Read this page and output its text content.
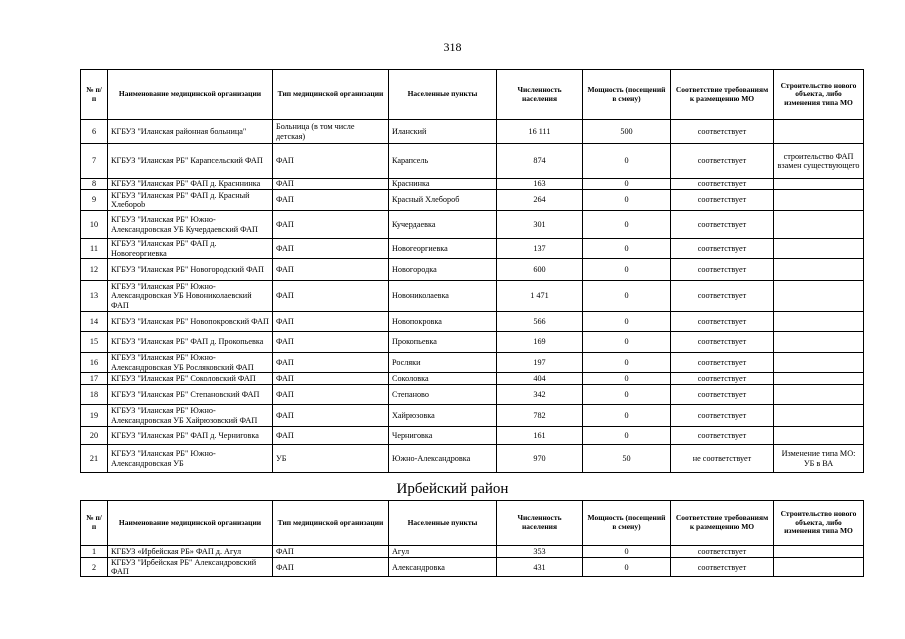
318
№ п/п	Наименование медицинской организации	Тип медицинской организации	Населенные пункты	Численность населения	Мощность (посещений в смену)	Соответствие требованиям к размещению МО	Строительство нового объекта, либо изменения типа МО
6	КГБУЗ "Иланская районная больница"	Больница (в том числе детская)	Иланский	16 111	500	соответствует	
7	КГБУЗ "Иланская РБ" Карапсельский ФАП	ФАП	Карапсель	874	0	соответствует	строительство ФАП взамен существующего
8	КГБУЗ "Иланская РБ" ФАП д. Красннинка	ФАП	Краснинка	163	0	соответствует	
9	КГБУЗ "Иланская РБ" ФАП д. Красный Хлеборob	ФАП	Красный Хлебороб	264	0	соответствует	
10	КГБУЗ "Иланская РБ" Южно-Александровская УБ Кучердаевский ФАП	ФАП	Кучердаевка	301	0	соответствует	
11	КГБУЗ "Иланская РБ" ФАП д. Новогеоргиевка	ФАП	Новогеоргиевка	137	0	соответствует	
12	КГБУЗ "Иланская РБ" Новогородский ФАП	ФАП	Новогородка	600	0	соответствует	
13	КГБУЗ "Иланская РБ" Южно-Александровская УБ Новониколаевский ФАП	ФАП	Новониколаевка	1 471	0	соответствует	
14	КГБУЗ "Иланская РБ" Новопокровский ФАП	ФАП	Новопокровка	566	0	соответствует	
15	КГБУЗ "Иланская РБ" ФАП д. Прокопьевка	ФАП	Прокопьевка	169	0	соответствует	
16	КГБУЗ "Иланская РБ" Южно-Александровская УБ Росляковский ФАП	ФАП	Росляки	197	0	соответствует	
17	КГБУЗ "Иланская РБ" Соколовский ФАП	ФАП	Соколовка	404	0	соответствует	
18	КГБУЗ "Иланская РБ" Степановский ФАП	ФАП	Степаново	342	0	соответствует	
19	КГБУЗ "Иланская РБ" Южно-Александровская УБ Хайрюзовский ФАП	ФАП	Хайрюзовка	782	0	соответствует	
20	КГБУЗ "Иланская РБ" ФАП д. Черниговка	ФАП	Черниговка	161	0	соответствует	
21	КГБУЗ "Иланская РБ" Южно-Александровская УБ	УБ	Южно-Александровка	970	50	не соответствует	Изменение типа МО: УБ в ВА
Ирбейский район
№ п/п	Наименование медицинской организации	Тип медицинской организации	Населенные пункты	Численность населения	Мощность (посещений в смену)	Соответствие требованиям к размещению МО	Строительство нового объекта, либо изменения типа МО
1	КГБУЗ «Ирбейская РБ» ФАП д. Агул	ФАП	Агул	353	0	соответствует	
2	КГБУЗ "Ирбейская РБ" Александровский ФАП	ФАП	Александровка	431	0	соответствует	
